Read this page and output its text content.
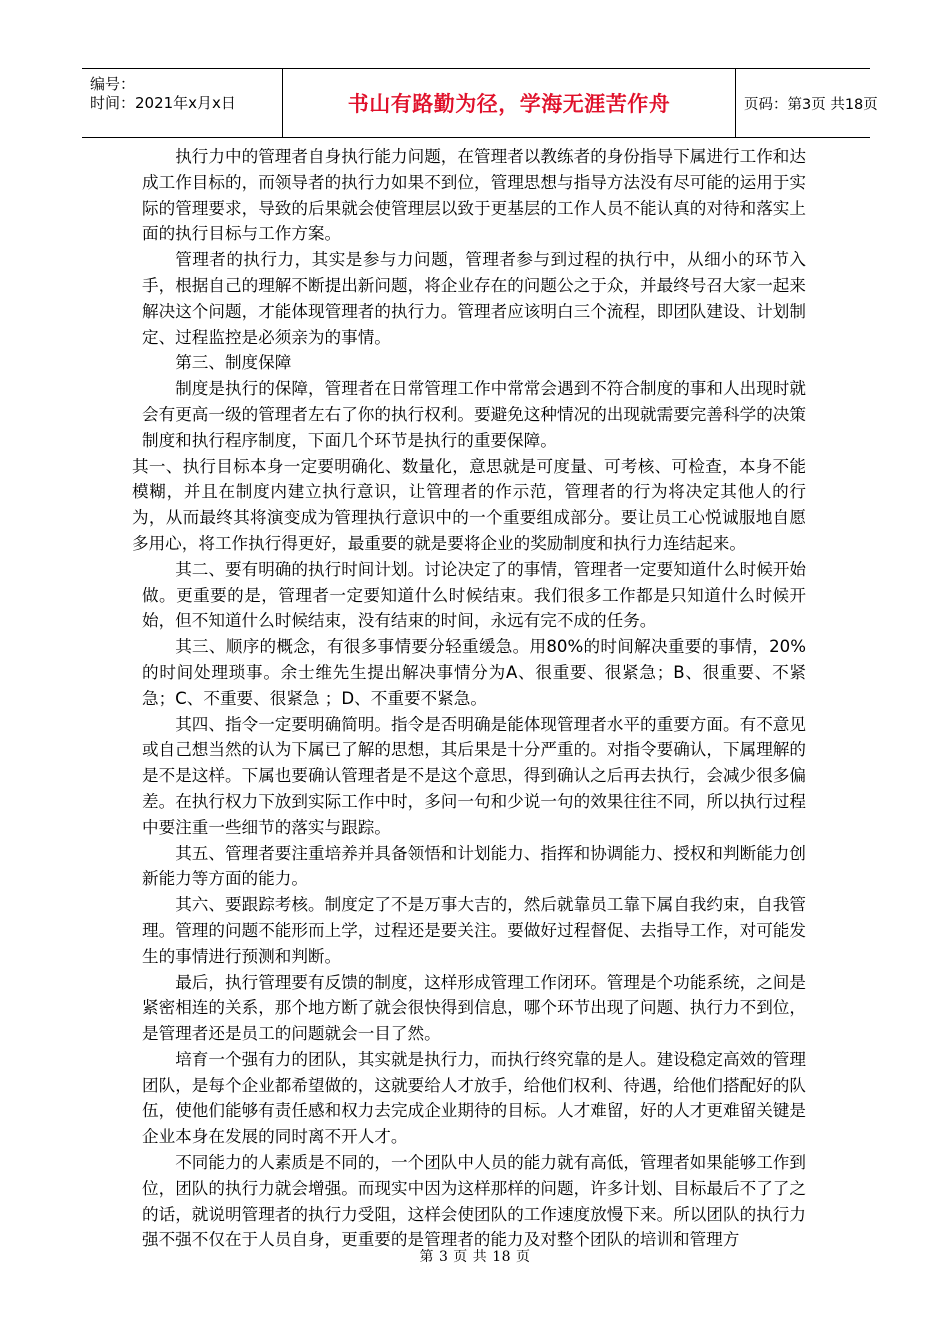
编号：
时间：2021年x月x日	书山有路勤为径，学海无涯苦作舟	页码：第3页 共18页

执行力中的管理者自身执行能力问题，在管理者以教练者的身份指导下属进行工作和达成工作目标的，而领导者的执行力如果不到位，管理思想与指导方法没有尽可能的运用于实际的管理要求，导致的后果就会使管理层以致于更基层的工作人员不能认真的对待和落实上面的执行目标与工作方案。

管理者的执行力，其实是参与力问题，管理者参与到过程的执行中，从细小的环节入手，根据自己的理解不断提出新问题，将企业存在的问题公之于众，并最终号召大家一起来解决这个问题，才能体现管理者的执行力。管理者应该明白三个流程，即团队建设、计划制定、过程监控是必须亲为的事情。

第三、制度保障

制度是执行的保障，管理者在日常管理工作中常常会遇到不符合制度的事和人出现时就会有更高一级的管理者左右了你的执行权利。要避免这种情况的出现就需要完善科学的决策制度和执行程序制度，下面几个环节是执行的重要保障。

其一、执行目标本身一定要明确化、数量化，意思就是可度量、可考核、可检查，本身不能模糊，并且在制度内建立执行意识，让管理者的作示范，管理者的行为将决定其他人的行为，从而最终其将演变成为管理执行意识中的一个重要组成部分。要让员工心悦诚服地自愿多用心，将工作执行得更好，最重要的就是要将企业的奖励制度和执行力连结起来。

其二、要有明确的执行时间计划。讨论决定了的事情，管理者一定要知道什么时候开始做。更重要的是，管理者一定要知道什么时候结束。我们很多工作都是只知道什么时候开始，但不知道什么时候结束，没有结束的时间，永远有完不成的任务。

其三、顺序的概念，有很多事情要分轻重缓急。用80%的时间解决重要的事情，20%的时间处理琐事。余士维先生提出解决事情分为A、很重要、很紧急；B、很重要、不紧急；C、不重要、很紧急 ；D、不重要不紧急。

其四、指令一定要明确简明。指令是否明确是能体现管理者水平的重要方面。有不意见或自己想当然的认为下属已了解的思想，其后果是十分严重的。对指令要确认，下属理解的是不是这样。下属也要确认管理者是不是这个意思，得到确认之后再去执行，会减少很多偏差。在执行权力下放到实际工作中时，多问一句和少说一句的效果往往不同，所以执行过程中要注重一些细节的落实与跟踪。

其五、管理者要注重培养并具备领悟和计划能力、指挥和协调能力、授权和判断能力创新能力等方面的能力。

其六、要跟踪考核。制度定了不是万事大吉的，然后就靠员工靠下属自我约束，自我管理。管理的问题不能形而上学，过程还是要关注。要做好过程督促、去指导工作，对可能发生的事情进行预测和判断。

最后，执行管理要有反馈的制度，这样形成管理工作闭环。管理是个功能系统，之间是紧密相连的关系，那个地方断了就会很快得到信息，哪个环节出现了问题、执行力不到位，是管理者还是员工的问题就会一目了然。

培育一个强有力的团队，其实就是执行力，而执行终究靠的是人。建设稳定高效的管理团队，是每个企业都希望做的，这就要给人才放手，给他们权利、待遇，给他们搭配好的队伍，使他们能够有责任感和权力去完成企业期待的目标。人才难留，好的人才更难留关键是企业本身在发展的同时离不开人才。

不同能力的人素质是不同的，一个团队中人员的能力就有高低，管理者如果能够工作到位，团队的执行力就会增强。而现实中因为这样那样的问题，许多计划、目标最后不了了之的话，就说明管理者的执行力受阻，这样会使团队的工作速度放慢下来。所以团队的执行力强不强不仅在于人员自身，更重要的是管理者的能力及对整个团队的培训和管理方

第 3 页 共 18 页
